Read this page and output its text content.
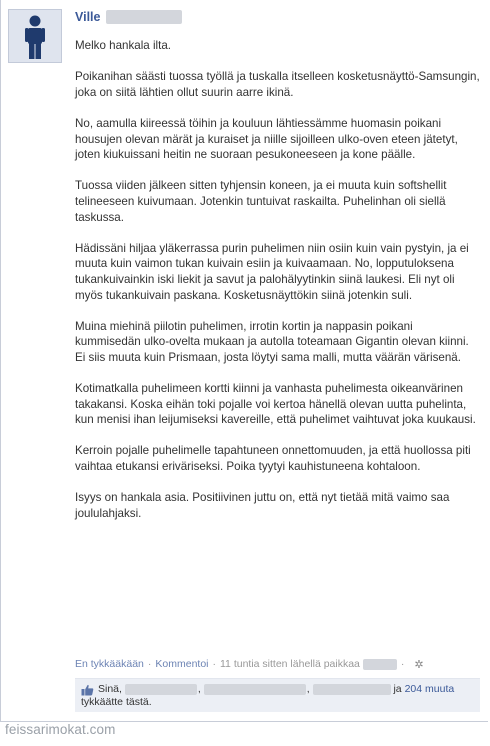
Ville

Melko hankala ilta.

Poikanihan säästi tuossa työllä ja tuskalla itselleen kosketusnäyttö-Samsungin, joka on siitä lähtien ollut suurin aarre ikinä.

No, aamulla kiireessä töihin ja kouluun lähtiessämme huomasin poikani housujen olevan märät ja kuraiset ja niille sijoilleen ulko-oven eteen jätetyt, joten kiukuissani heitin ne suoraan pesukoneeseen ja kone päälle.

Tuossa viiden jälkeen sitten tyhjensin koneen, ja ei muuta kuin softshellit telineeseen kuivumaan. Jotenkin tuntuivat raskailta. Puhelinhan oli siellä taskussa.

Hädissäni hiljaa yläkerrassa purin puhelimen niin osiin kuin vain pystyin, ja ei muuta kuin vaimon tukan kuivain esiin ja kuivaamaan. No, lopputuloksena tukankuivainkin iski liekit ja savut ja palohälyytinkin siinä laukesi. Eli nyt oli myös tukankuivain paskana. Kosketusnäyttökin siinä jotenkin suli.

Muina miehinä piilotin puhelimen, irrotin kortin ja nappasin poikani kummisedän ulko-ovelta mukaan ja autolla toteamaan Gigantin olevan kiinni. Ei siis muuta kuin Prismaan, josta löytyi sama malli, mutta väärän värisenä.

Kotimatkalla puhelimeen kortti kiinni ja vanhasta puhelimesta oikeanvärinen takakansi. Koska eihän toki pojalle voi kertoa hänellä olevan uutta puhelinta, kun menisi ihan leijumiseksi kavereille, että puhelimet vaihtuvat joka kuukausi.

Kerroin pojalle puhelimelle tapahtuneen onnettomuuden, ja että huollossa piti vaihtaa etukansi eriväriseksi. Poika tyytyi kauhistuneena kohtaloon.

Isyys on hankala asia. Positiivinen juttu on, että nyt tietää mitä vaimo saa joululahjaksi.

En tykkääkään · Kommentoi · 11 tuntia sitten lähellä paikkaa	· ✲
Sinä,
	,
	,

	ja
204 muuta
tykkäätte tästä.
feissarimokat.com
